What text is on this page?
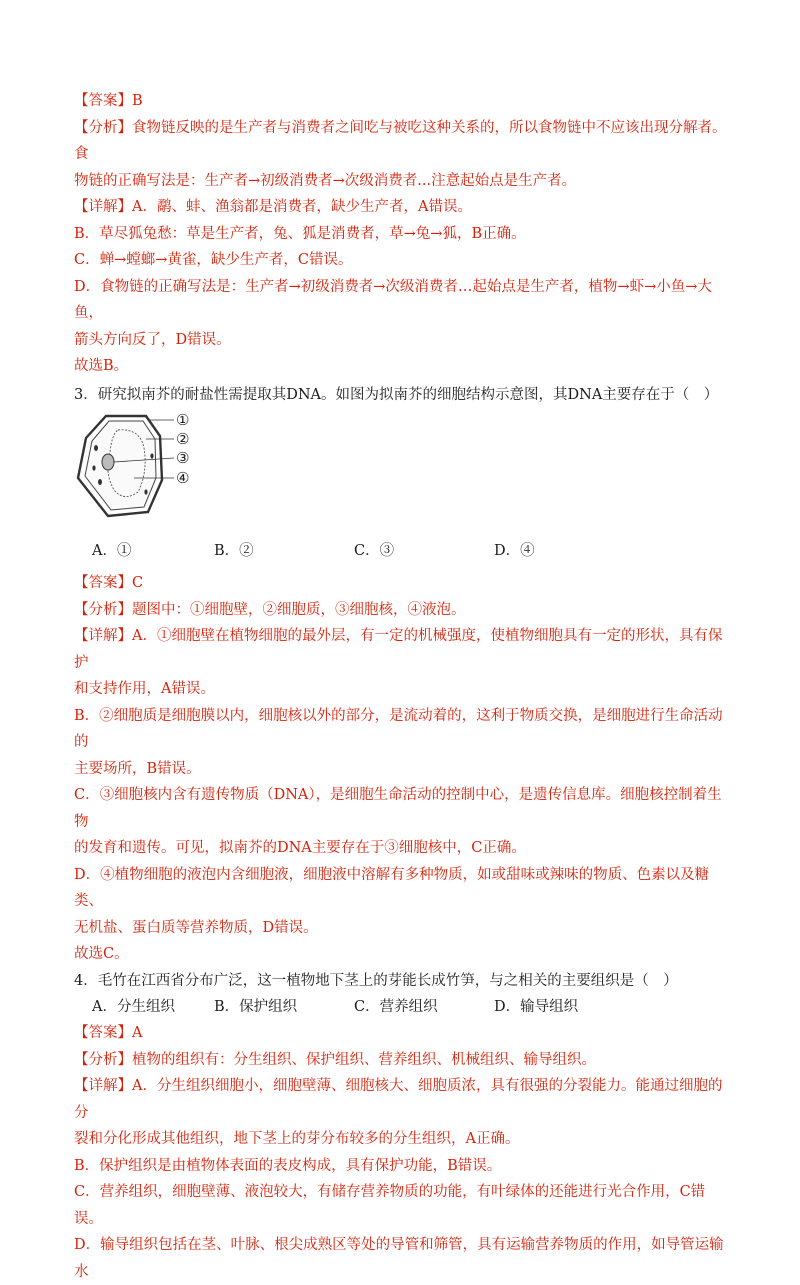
【答案】B

【分析】食物链反映的是生产者与消费者之间吃与被吃这种关系的，所以食物链中不应该出现分解者。食

物链的正确写法是：生产者→初级消费者→次级消费者...注意起始点是生产者。

【详解】A．鹬、蚌、渔翁都是消费者，缺少生产者，A错误。

B．草尽狐兔愁：草是生产者，兔、狐是消费者，草→兔→狐，B正确。

C．蝉→螳螂→黄雀，缺少生产者，C错误。

D．食物链的正确写法是：生产者→初级消费者→次级消费者…起始点是生产者，植物→虾→小鱼→大鱼，

箭头方向反了，D错误。

故选B。

3．研究拟南芥的耐盐性需提取其DNA。如图为拟南芥的细胞结构示意图，其DNA主要存在于（　）

①
②
③
④
A．①	B．②	C．③	D．④

【答案】C

【分析】题图中：①细胞壁，②细胞质，③细胞核，④液泡。

【详解】A．①细胞壁在植物细胞的最外层，有一定的机械强度，使植物细胞具有一定的形状，具有保护

和支持作用，A错误。

B．②细胞质是细胞膜以内，细胞核以外的部分，是流动着的，这利于物质交换，是细胞进行生命活动的

主要场所，B错误。

C．③细胞核内含有遗传物质（DNA），是细胞生命活动的控制中心，是遗传信息库。细胞核控制着生物

的发育和遗传。可见，拟南芥的DNA主要存在于③细胞核中，C正确。

D．④植物细胞的液泡内含细胞液，细胞液中溶解有多种物质，如或甜味或辣味的物质、色素以及糖类、

无机盐、蛋白质等营养物质，D错误。

故选C。

4．毛竹在江西省分布广泛，这一植物地下茎上的芽能长成竹笋，与之相关的主要组织是（　）

A．分生组织	B．保护组织	C．营养组织	D．输导组织

【答案】A

【分析】植物的组织有：分生组织、保护组织、营养组织、机械组织、输导组织。

【详解】A．分生组织细胞小，细胞壁薄、细胞核大、细胞质浓，具有很强的分裂能力。能通过细胞的分

裂和分化形成其他组织，地下茎上的芽分布较多的分生组织，A正确。

B．保护组织是由植物体表面的表皮构成，具有保护功能，B错误。

C．营养组织，细胞壁薄、液泡较大，有储存营养物质的功能，有叶绿体的还能进行光合作用，C错误。

D．输导组织包括在茎、叶脉、根尖成熟区等处的导管和筛管，具有运输营养物质的作用，如导管运输水
